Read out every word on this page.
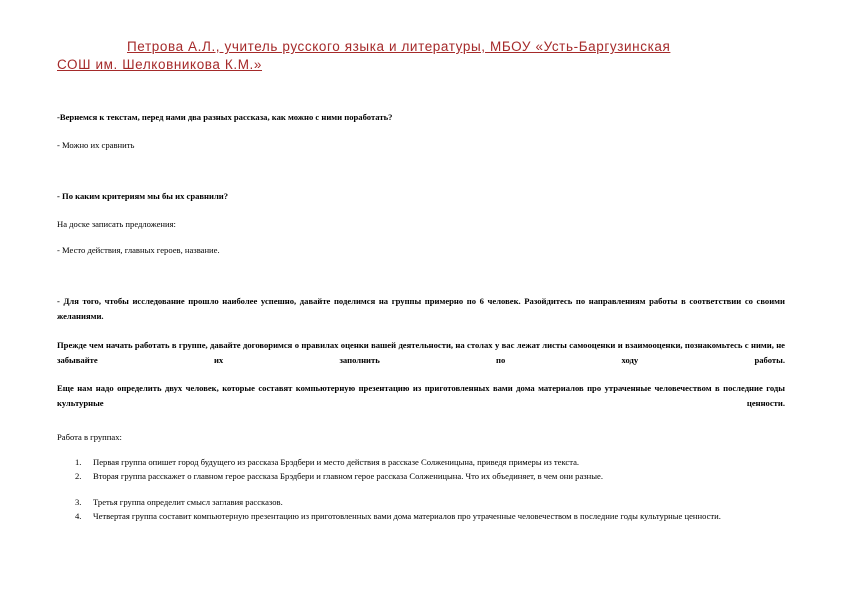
Петрова А.Л., учитель русского языка и литературы, МБОУ «Усть-Баргузинская
СОШ им. Шелковникова К.М.»

-Вернемся к текстам, перед нами два разных рассказа, как можно с ними поработать?

- Можно их сравнить

- По каким критериям мы бы их сравнили?

На доске записать предложения:

- Место действия, главных героев, название.

- Для того, чтобы исследование прошло наиболее успешно, давайте поделимся на группы примерно по 6 человек. Разойдитесь по направлениям работы в соответствии со своими желаниями.

Прежде чем начать работать в группе, давайте договоримся о правилах оценки вашей деятельности, на столах у вас лежат листы самооценки и взаимооценки, познакомьтесь с ними, не забывайте их заполнить по ходу работы.

Еще нам надо определить двух человек, которые составят компьютерную презентацию из приготовленных вами дома материалов про утраченные человечеством в последние годы культурные ценности.

Работа в группах:

1. Первая группа опишет город будущего из рассказа Брэдбери и место действия в рассказе Солженицына, приведя примеры из текста.
2. Вторая группа расскажет о главном герое рассказа Брэдбери и главном герое рассказа Солженицына. Что их объединяет, в чем они разные.
3. Третья группа определит смысл заглавия рассказов.
4. Четвертая группа составит компьютерную презентацию из приготовленных вами дома материалов про утраченные человечеством в последние годы культурные ценности.
